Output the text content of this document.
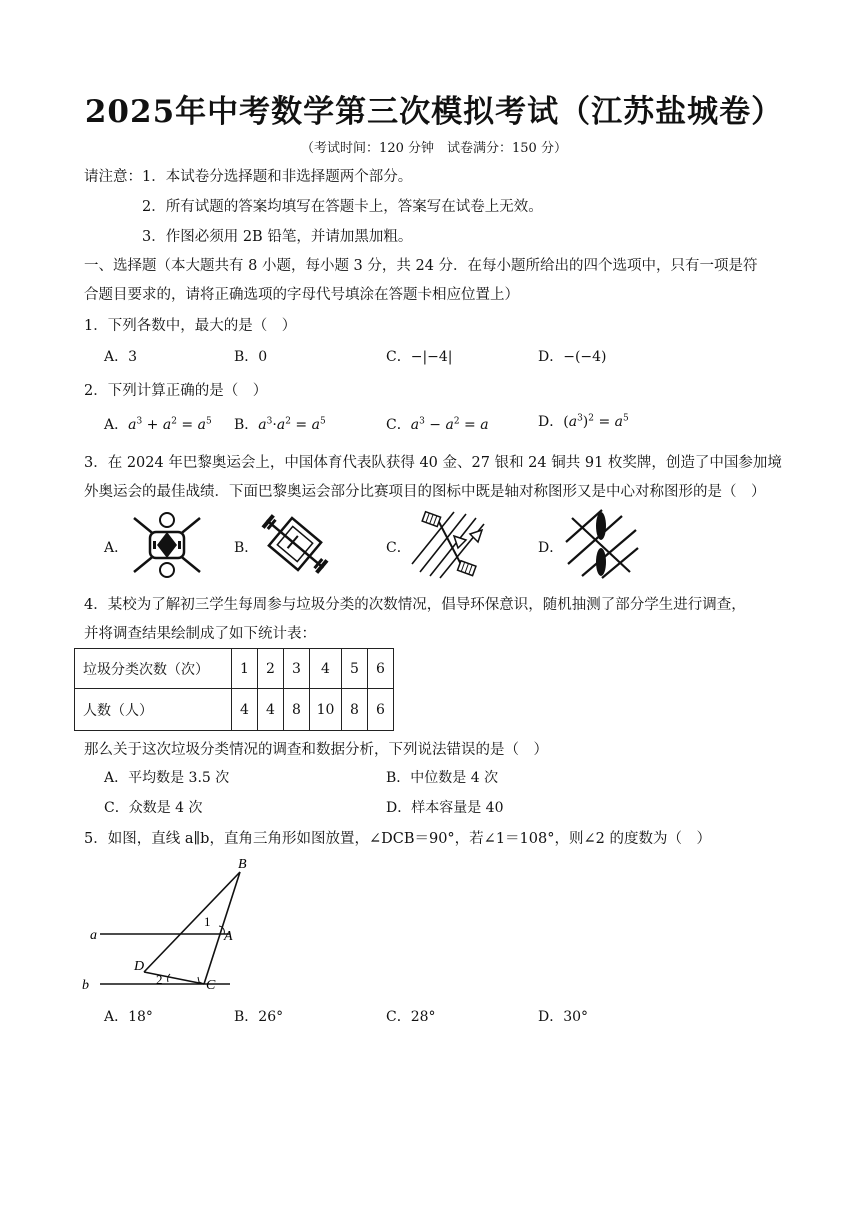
2025年中考数学第三次模拟考试（江苏盐城卷）
（考试时间：120 分钟　试卷满分：150 分）
请注意：1．本试卷分选择题和非选择题两个部分。
2．所有试题的答案均填写在答题卡上，答案写在试卷上无效。
3．作图必须用 2B 铅笔，并请加黑加粗。
一、选择题（本大题共有 8 小题，每小题 3 分，共 24 分．在每小题所给出的四个选项中，只有一项是符
合题目要求的，请将正确选项的字母代号填涂在答题卡相应位置上）
1．下列各数中，最大的是（　）
A．3	B．0	C．−|−4|	D．−(−4)
2．下列计算正确的是（　）
A．$a^3 + a^2 = a^5$ B．$a^3\cdot a^2 = a^5$	C．$a^3 - a^2 = a$	D．$(a^3)^2 = a^5$
3．在 2024 年巴黎奥运会上，中国体育代表队获得 40 金、27 银和 24 铜共 91 枚奖牌，创造了中国参加境
外奥运会的最佳战绩．下面巴黎奥运会部分比赛项目的图标中既是轴对称图形又是中心对称图形的是（　）
A．	B．	C．	D．
4．某校为了解初三学生每周参与垃圾分类的次数情况，倡导环保意识，随机抽测了部分学生进行调查，
并将调查结果绘制成了如下统计表：
垃圾分类次数（次）	1	2	3	4	5	6
人数（人）	4	4	8	10	8	6
那么关于这次垃圾分类情况的调查和数据分析，下列说法错误的是（　）
A．平均数是 3.5 次	B．中位数是 4 次
C．众数是 4 次	D．样本容量是 40
5．如图，直线 a∥b，直角三角形如图放置，∠DCB＝90°，若∠1＝108°，则∠2 的度数为（　）
B
A
1
a
b
D
2	C
A．18°	B．26°	C．28°	D．30°
